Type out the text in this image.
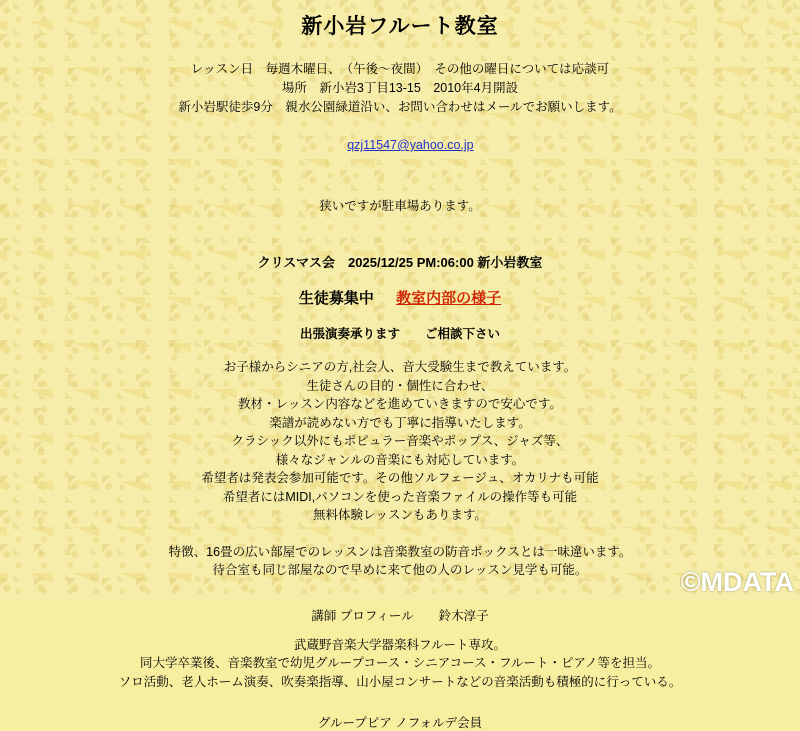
新小岩フルート教室
レッスン日　毎週木曜日、　（午後～夜間）　その他の曜日については応談可
場所　新小岩3丁目13-15　2010年4月開設
新小岩駅徒歩9分　親水公園緑道沿い、お問い合わせはメールでお願いします。

qzj11547@yahoo.co.jp

狭いですが駐車場あります。
クリスマス会　2025/12/25 PM:06:00 新小岩教室
生徒募集中 教室内部の様子
出張演奏承ります　　ご相談下さい
お子様からシニアの方,社会人、音大受験生まで教えています。
生徒さんの目的・個性に合わせ、
教材・レッスン内容などを進めていきますので安心です。
楽譜が読めない方でも丁寧に指導いたします。
クラシック以外にもポピュラー音楽やポップス、ジャズ等、
様々なジャンルの音楽にも対応しています。
希望者は発表会参加可能です。その他ソルフェージュ、オカリナも可能
希望者にはMIDI,パソコンを使った音楽ファイルの操作等も可能
無料体験レッスンもあります。
特徴、16畳の広い部屋でのレッスンは音楽教室の防音ボックスとは一味違います。
待合室も同じ部屋なので早めに来て他の人のレッスン見学も可能。
講師 プロフィール　　鈴木淳子
武蔵野音楽大学器楽科フルート専攻。
同大学卒業後、音楽教室で幼児グループコース・シニアコース・フルート・ピアノ等を担当。
ソロ活動、老人ホーム演奏、吹奏楽指導、山小屋コンサートなどの音楽活動も積極的に行っている。
グループピア ノフォルデ会員
©MDATA
